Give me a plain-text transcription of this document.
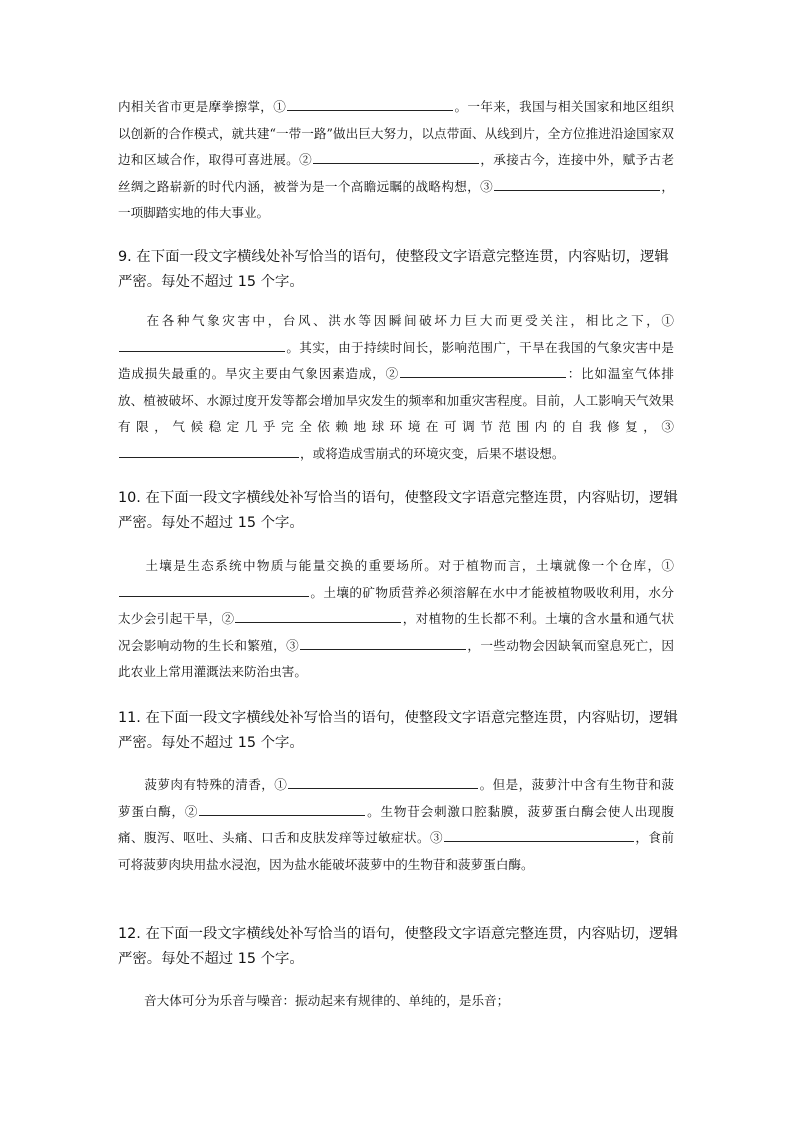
内相关省市更是摩拳擦掌，①	。一年来，我国与相关国家和地区组织以创新的合作模式，就共建“一带一路”做出巨大努力，以点带面、从线到片，全方位推进沿途国家双边和区域合作，取得可喜进展。②	，承接古今，连接中外，赋予古老丝绸之路崭新的时代内涵，被誉为是一个高瞻远瞩的战略构想，③	，一项脚踏实地的伟大事业。

9. 在下面一段文字横线处补写恰当的语句，使整段文字语意完整连贯，内容贴切，逻辑严密。每处不超过 15 个字。

在各种气象灾害中，台风、洪水等因瞬间破坏力巨大而更受关注，相比之下，①。其实，由于持续时间长，影响范围广，干旱在我国的气象灾害中是造成损失最重的。旱灾主要由气象因素造成，②	：比如温室气体排放、植被破坏、水源过度开发等都会增加旱灾发生的频率和加重灾害程度。目前，人工影响天气效果有限，气候稳定几乎完全依赖地球环境在可调节范围内的自我修复，③，或将造成雪崩式的环境灾变，后果不堪设想。

10. 在下面一段文字横线处补写恰当的语句，使整段文字语意完整连贯，内容贴切，逻辑严密。每处不超过 15 个字。

土壤是生态系统中物质与能量交换的重要场所。对于植物而言，土壤就像一个仓库，①。土壤的矿物质营养必须溶解在水中才能被植物吸收利用，水分太少会引起干旱，②	，对植物的生长都不利。土壤的含水量和通气状况会影响动物的生长和繁殖，③	，一些动物会因缺氧而窒息死亡，因此农业上常用灌溉法来防治虫害。

11. 在下面一段文字横线处补写恰当的语句，使整段文字语意完整连贯，内容贴切，逻辑严密。每处不超过 15 个字。

菠萝肉有特殊的清香，①	。但是，菠萝汁中含有生物苷和菠萝蛋白酶，②	。生物苷会刺激口腔黏膜，菠萝蛋白酶会使人出现腹痛、腹泻、呕吐、头痛、口舌和皮肤发痒等过敏症状。③	，食前可将菠萝肉块用盐水浸泡，因为盐水能破坏菠萝中的生物苷和菠萝蛋白酶。

12. 在下面一段文字横线处补写恰当的语句，使整段文字语意完整连贯，内容贴切，逻辑严密。每处不超过 15 个字。

音大体可分为乐音与噪音：振动起来有规律的、单纯的，是乐音；
